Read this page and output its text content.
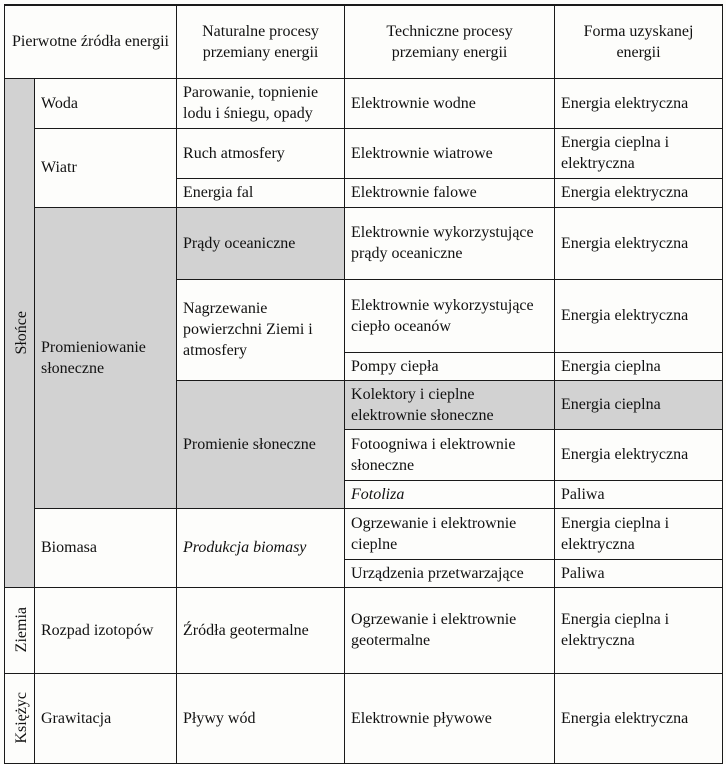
Pierwotne źródła energii		Naturalne procesy przemiany energii	Techniczne procesy przemiany energii	Forma uzyskanej energii

Słońce	Woda	Parowanie, topnienie lodu i śniegu, opady	Elektrownie wodne	Energia elektryczna
	Wiatr	Ruch atmosfery	Elektrownie wiatrowe	Energia cieplna i elektryczna
		Energia fal	Elektrownie falowe	Energia elektryczna
	Promieniowanie słoneczne	Prądy oceaniczne	Elektrownie wykorzystujące prądy oceaniczne	Energia elektryczna
		Nagrzewanie powierzchni Ziemi i atmosfery	Elektrownie wykorzystujące ciepło oceanów	Energia elektryczna
			Pompy ciepła	Energia cieplna
		Promienie słoneczne	Kolektory i cieplne elektrownie słoneczne	Energia cieplna
			Fotoogniwa i elektrownie słoneczne	Energia elektryczna
			Fotoliza	Paliwa

	Biomasa	Produkcja biomasy	Ogrzewanie i elektrownie cieplne	Energia cieplna i elektryczna
			Urządzenia przetwarzające	Paliwa

Ziemia	Rozpad izotopów	Źródła geotermalne	Ogrzewanie i elektrownie geotermalne	Energia cieplna i elektryczna

Księżyc	Grawitacja	Pływy wód	Elektrownie pływowe	Energia elektryczna
